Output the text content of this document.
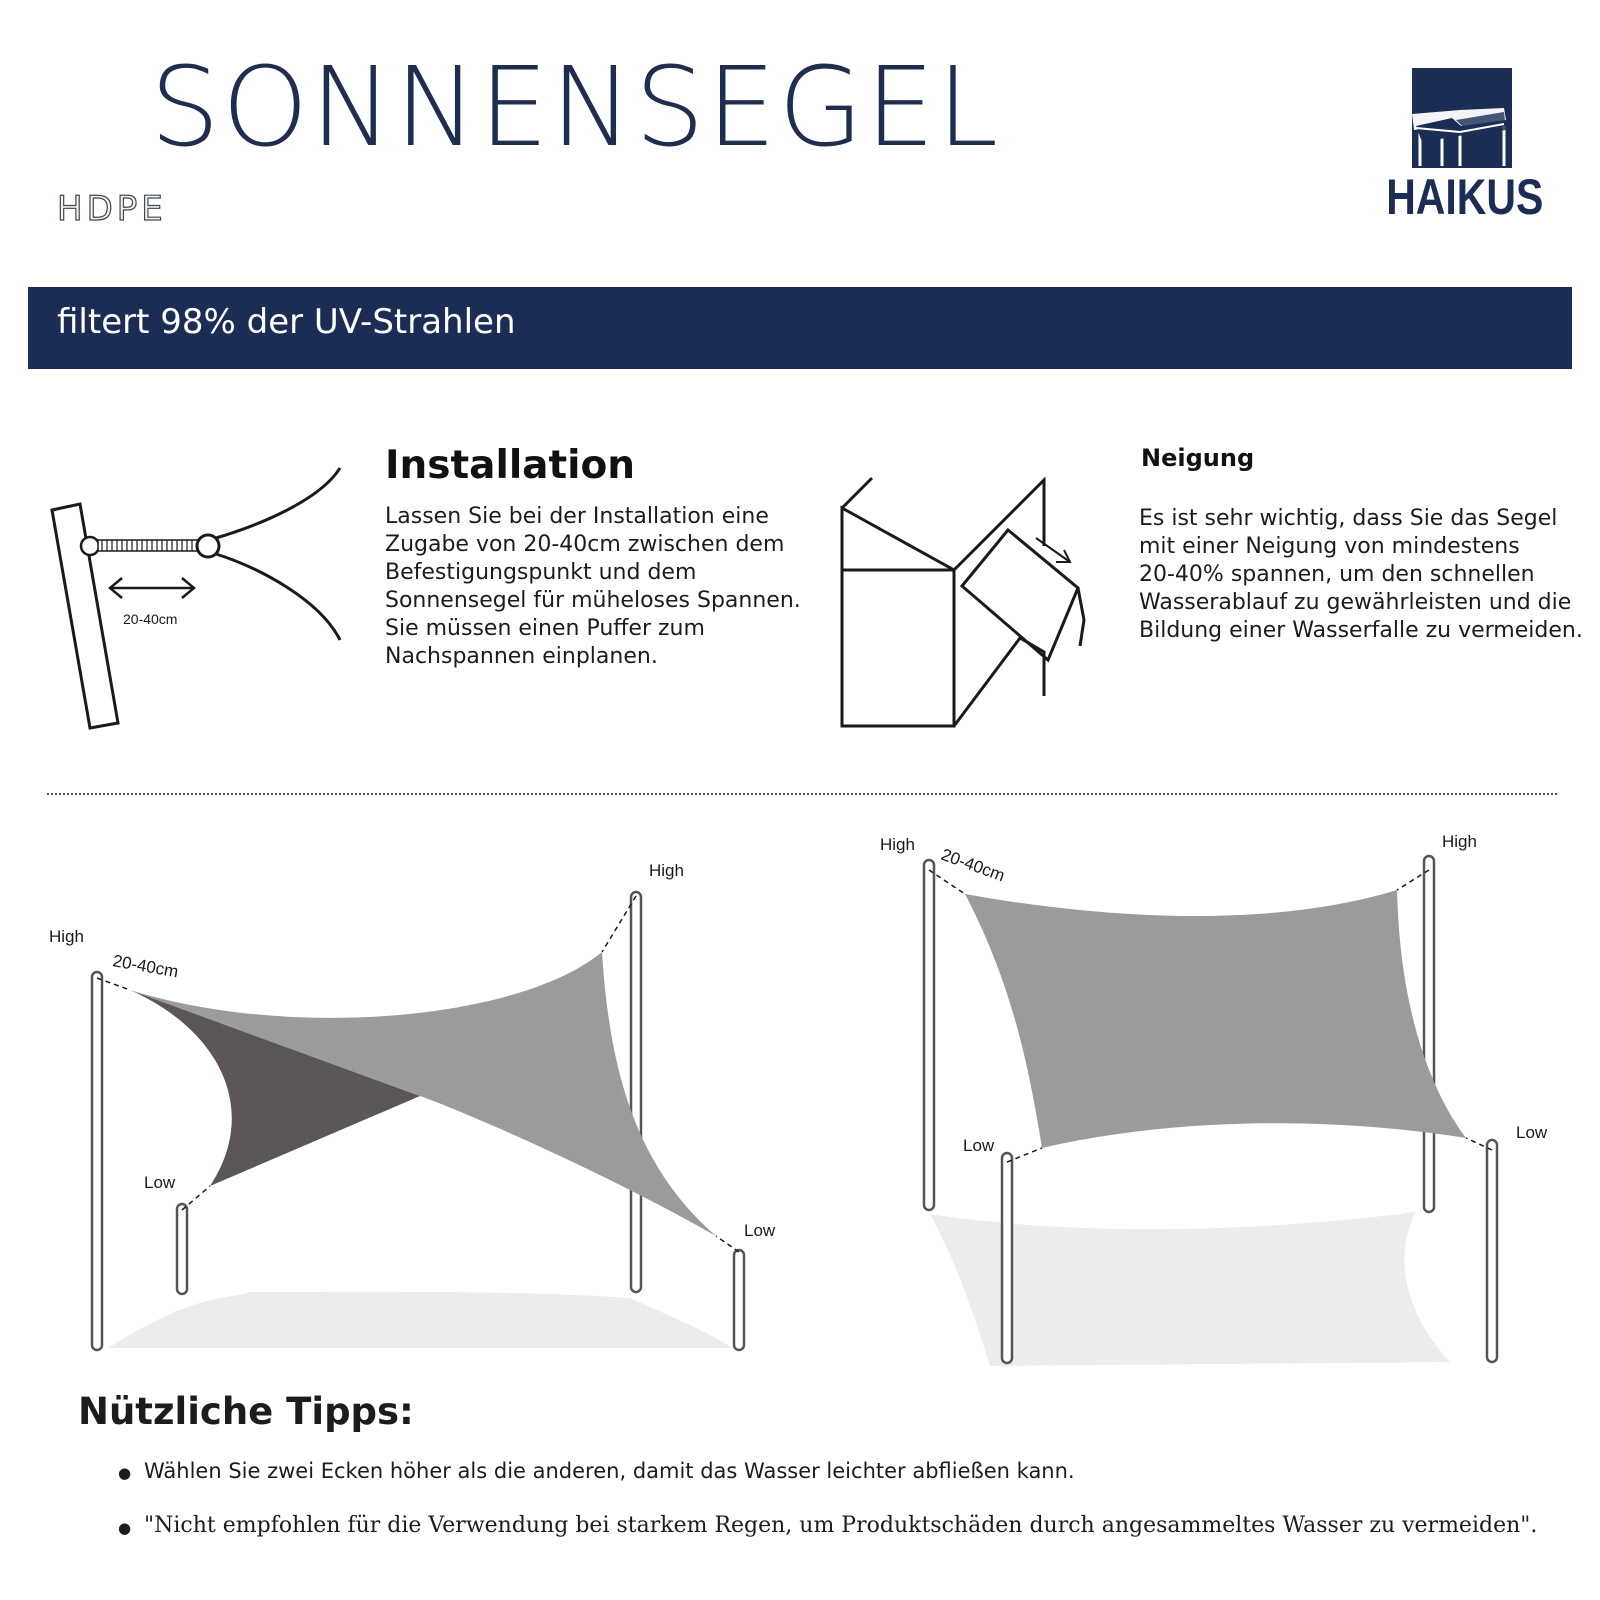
SONNENSEGEL
HDPE	HAIKUS
filtert 98% der UV-Strahlen
20-40cm
Installation
Lassen Sie bei der Installation eine
Zugabe von 20-40cm zwischen dem
Befestigungspunkt und dem
Sonnensegel für müheloses Spannen.
Sie müssen einen Puffer zum
Nachspannen einplanen.
Neigung
Es ist sehr wichtig, dass Sie das Segel
mit einer Neigung von mindestens
20-40% spannen, um den schnellen
Wasserablauf zu gewährleisten und die
Bildung einer Wasserfalle zu vermeiden.
High
High
Low
Low
20-40cm
High	High
Low
Low
20-40cm
Nützliche Tipps:
● Wählen Sie zwei Ecken höher als die anderen, damit das Wasser leichter abfließen kann.
● "Nicht empfohlen für die Verwendung bei starkem Regen, um Produktschäden durch angesammeltes Wasser zu vermeiden".
